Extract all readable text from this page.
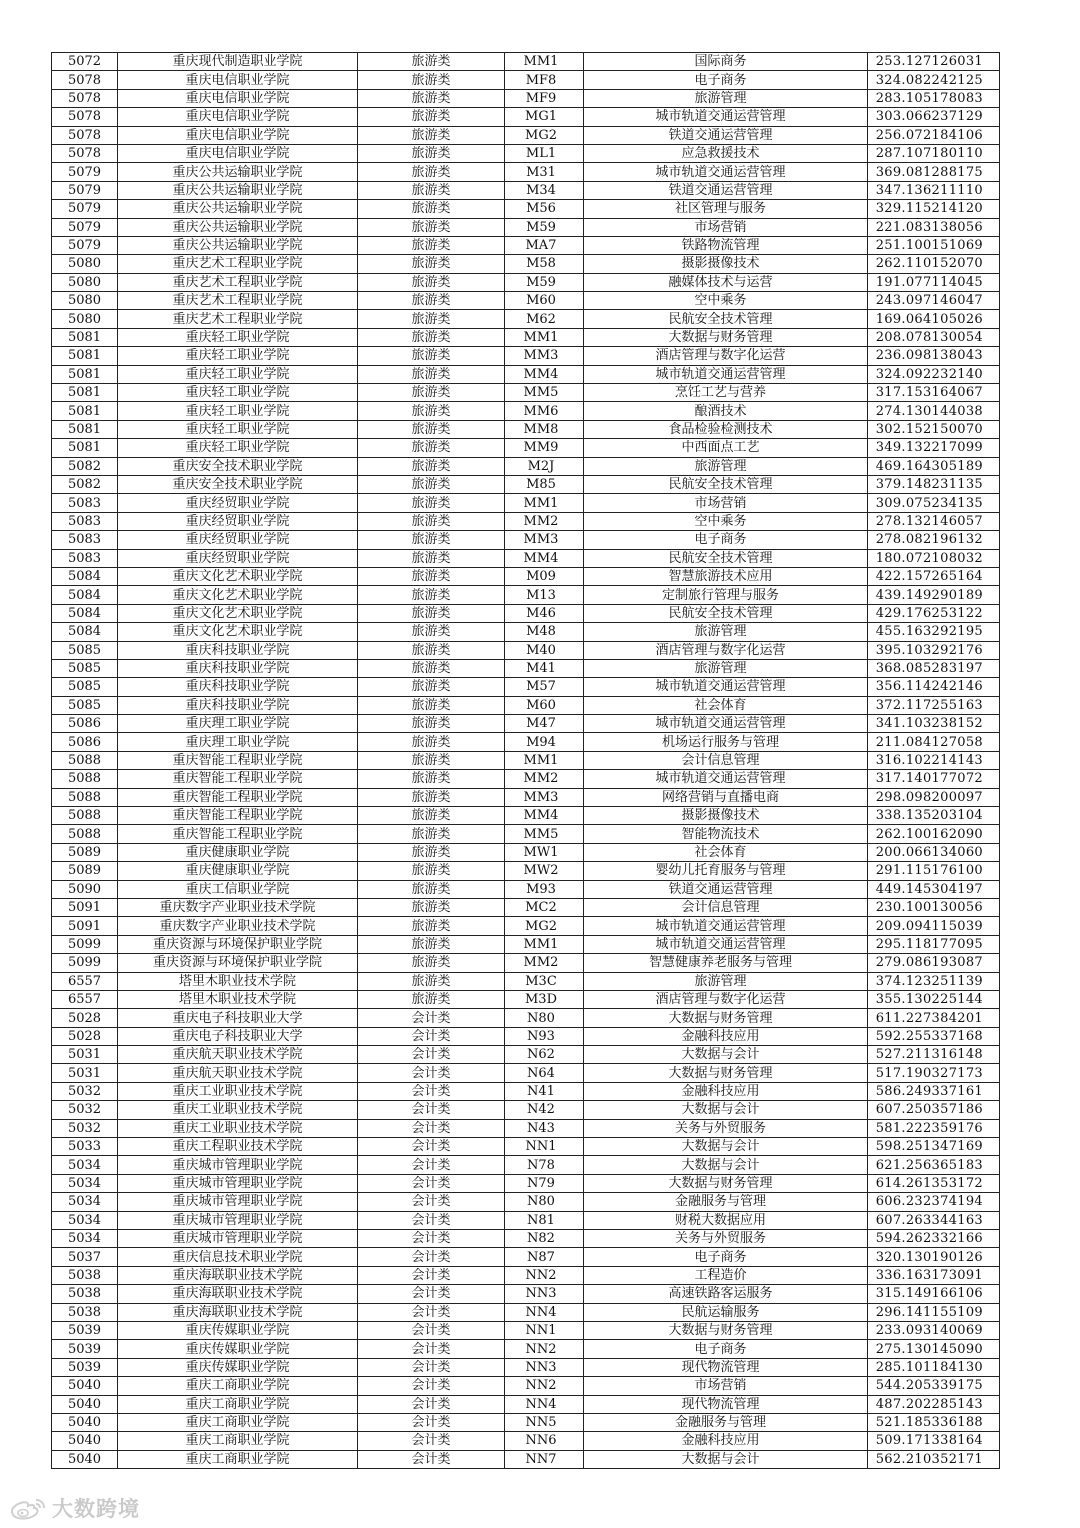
5072	重庆现代制造职业学院	旅游类	MM1	国际商务	253.127126031
5078	重庆电信职业学院	旅游类	MF8	电子商务	324.082242125
5078	重庆电信职业学院	旅游类	MF9	旅游管理	283.105178083
5078	重庆电信职业学院	旅游类	MG1	城市轨道交通运营管理	303.066237129
5078	重庆电信职业学院	旅游类	MG2	铁道交通运营管理	256.072184106
5078	重庆电信职业学院	旅游类	ML1	应急救援技术	287.107180110
5079	重庆公共运输职业学院	旅游类	M31	城市轨道交通运营管理	369.081288175
5079	重庆公共运输职业学院	旅游类	M34	铁道交通运营管理	347.136211110
5079	重庆公共运输职业学院	旅游类	M56	社区管理与服务	329.115214120
5079	重庆公共运输职业学院	旅游类	M59	市场营销	221.083138056
5079	重庆公共运输职业学院	旅游类	MA7	铁路物流管理	251.100151069
5080	重庆艺术工程职业学院	旅游类	M58	摄影摄像技术	262.110152070
5080	重庆艺术工程职业学院	旅游类	M59	融媒体技术与运营	191.077114045
5080	重庆艺术工程职业学院	旅游类	M60	空中乘务	243.097146047
5080	重庆艺术工程职业学院	旅游类	M62	民航安全技术管理	169.064105026
5081	重庆轻工职业学院	旅游类	MM1	大数据与财务管理	208.078130054
5081	重庆轻工职业学院	旅游类	MM3	酒店管理与数字化运营	236.098138043
5081	重庆轻工职业学院	旅游类	MM4	城市轨道交通运营管理	324.092232140
5081	重庆轻工职业学院	旅游类	MM5	烹饪工艺与营养	317.153164067
5081	重庆轻工职业学院	旅游类	MM6	酿酒技术	274.130144038
5081	重庆轻工职业学院	旅游类	MM8	食品检验检测技术	302.152150070
5081	重庆轻工职业学院	旅游类	MM9	中西面点工艺	349.132217099
5082	重庆安全技术职业学院	旅游类	M2J	旅游管理	469.164305189
5082	重庆安全技术职业学院	旅游类	M85	民航安全技术管理	379.148231135
5083	重庆经贸职业学院	旅游类	MM1	市场营销	309.075234135
5083	重庆经贸职业学院	旅游类	MM2	空中乘务	278.132146057
5083	重庆经贸职业学院	旅游类	MM3	电子商务	278.082196132
5083	重庆经贸职业学院	旅游类	MM4	民航安全技术管理	180.072108032
5084	重庆文化艺术职业学院	旅游类	M09	智慧旅游技术应用	422.157265164
5084	重庆文化艺术职业学院	旅游类	M13	定制旅行管理与服务	439.149290189
5084	重庆文化艺术职业学院	旅游类	M46	民航安全技术管理	429.176253122
5084	重庆文化艺术职业学院	旅游类	M48	旅游管理	455.163292195
5085	重庆科技职业学院	旅游类	M40	酒店管理与数字化运营	395.103292176
5085	重庆科技职业学院	旅游类	M41	旅游管理	368.085283197
5085	重庆科技职业学院	旅游类	M57	城市轨道交通运营管理	356.114242146
5085	重庆科技职业学院	旅游类	M60	社会体育	372.117255163
5086	重庆理工职业学院	旅游类	M47	城市轨道交通运营管理	341.103238152
5086	重庆理工职业学院	旅游类	M94	机场运行服务与管理	211.084127058
5088	重庆智能工程职业学院	旅游类	MM1	会计信息管理	316.102214143
5088	重庆智能工程职业学院	旅游类	MM2	城市轨道交通运营管理	317.140177072
5088	重庆智能工程职业学院	旅游类	MM3	网络营销与直播电商	298.098200097
5088	重庆智能工程职业学院	旅游类	MM4	摄影摄像技术	338.135203104
5088	重庆智能工程职业学院	旅游类	MM5	智能物流技术	262.100162090
5089	重庆健康职业学院	旅游类	MW1	社会体育	200.066134060
5089	重庆健康职业学院	旅游类	MW2	婴幼儿托育服务与管理	291.115176100
5090	重庆工信职业学院	旅游类	M93	铁道交通运营管理	449.145304197
5091	重庆数字产业职业技术学院	旅游类	MC2	会计信息管理	230.100130056
5091	重庆数字产业职业技术学院	旅游类	MG2	城市轨道交通运营管理	209.094115039
5099	重庆资源与环境保护职业学院	旅游类	MM1	城市轨道交通运营管理	295.118177095
5099	重庆资源与环境保护职业学院	旅游类	MM2	智慧健康养老服务与管理	279.086193087
6557	塔里木职业技术学院	旅游类	M3C	旅游管理	374.123251139
6557	塔里木职业技术学院	旅游类	M3D	酒店管理与数字化运营	355.130225144
5028	重庆电子科技职业大学	会计类	N80	大数据与财务管理	611.227384201
5028	重庆电子科技职业大学	会计类	N93	金融科技应用	592.255337168
5031	重庆航天职业技术学院	会计类	N62	大数据与会计	527.211316148
5031	重庆航天职业技术学院	会计类	N64	大数据与财务管理	517.190327173
5032	重庆工业职业技术学院	会计类	N41	金融科技应用	586.249337161
5032	重庆工业职业技术学院	会计类	N42	大数据与会计	607.250357186
5032	重庆工业职业技术学院	会计类	N43	关务与外贸服务	581.222359176
5033	重庆工程职业技术学院	会计类	NN1	大数据与会计	598.251347169
5034	重庆城市管理职业学院	会计类	N78	大数据与会计	621.256365183
5034	重庆城市管理职业学院	会计类	N79	大数据与财务管理	614.261353172
5034	重庆城市管理职业学院	会计类	N80	金融服务与管理	606.232374194
5034	重庆城市管理职业学院	会计类	N81	财税大数据应用	607.263344163
5034	重庆城市管理职业学院	会计类	N82	关务与外贸服务	594.262332166
5037	重庆信息技术职业学院	会计类	N87	电子商务	320.130190126
5038	重庆海联职业技术学院	会计类	NN2	工程造价	336.163173091
5038	重庆海联职业技术学院	会计类	NN3	高速铁路客运服务	315.149166106
5038	重庆海联职业技术学院	会计类	NN4	民航运输服务	296.141155109
5039	重庆传媒职业学院	会计类	NN1	大数据与财务管理	233.093140069
5039	重庆传媒职业学院	会计类	NN2	电子商务	275.130145090
5039	重庆传媒职业学院	会计类	NN3	现代物流管理	285.101184130
5040	重庆工商职业学院	会计类	NN2	市场营销	544.205339175
5040	重庆工商职业学院	会计类	NN4	现代物流管理	487.202285143
5040	重庆工商职业学院	会计类	NN5	金融服务与管理	521.185336188
5040	重庆工商职业学院	会计类	NN6	金融科技应用	509.171338164
5040	重庆工商职业学院	会计类	NN7	大数据与会计	562.210352171
大数跨境
